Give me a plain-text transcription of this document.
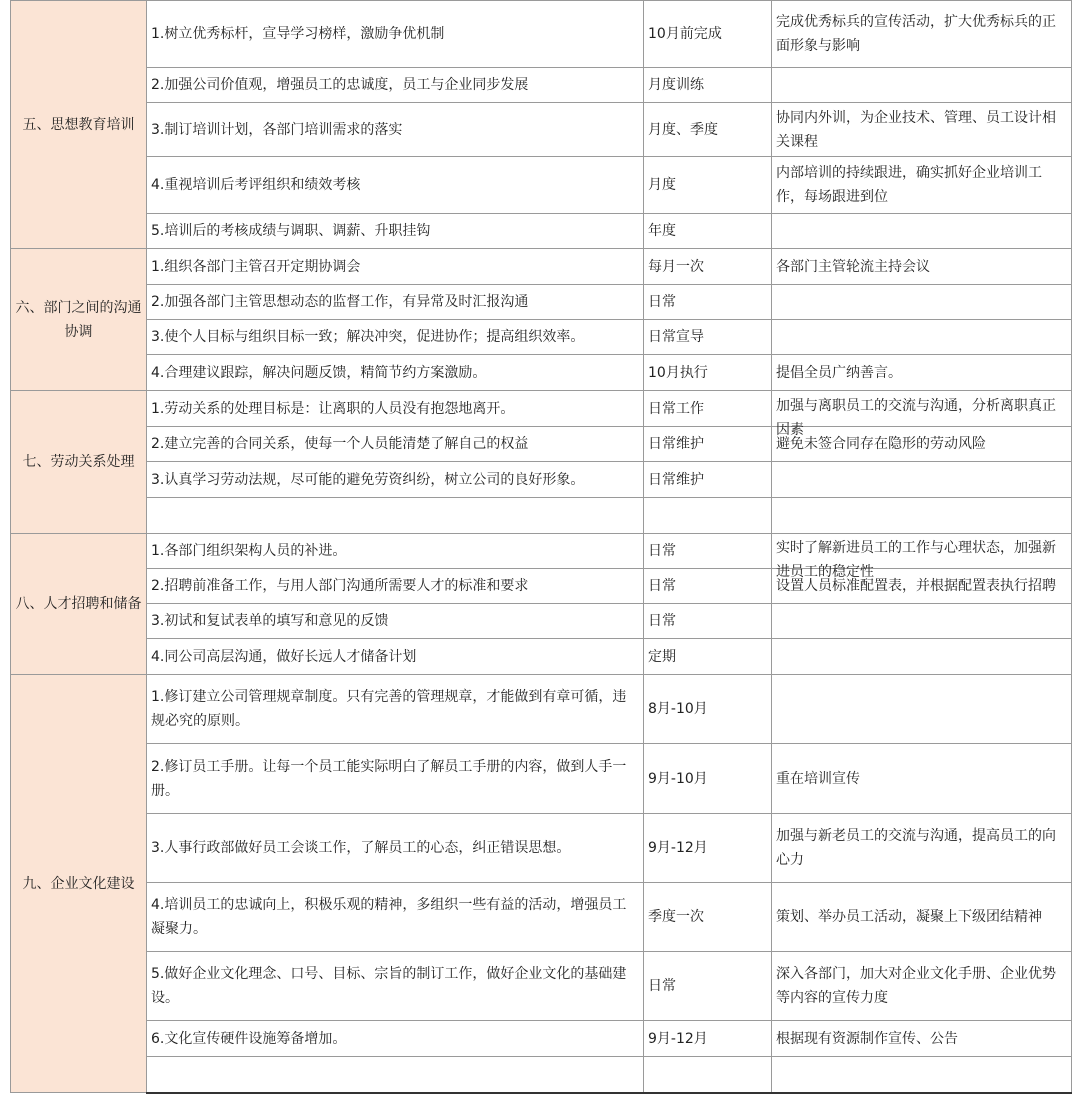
五、思想教育培训	1.树立优秀标杆，宣导学习榜样，激励争优机制	10月前完成	完成优秀标兵的宣传活动，扩大优秀标兵的正面形象与影响
	2.加强公司价值观，增强员工的忠诚度，员工与企业同步发展	月度训练	
	3.制订培训计划，各部门培训需求的落实	月度、季度	协同内外训，为企业技术、管理、员工设计相关课程
	4.重视培训后考评组织和绩效考核	月度	内部培训的持续跟进，确实抓好企业培训工作，每场跟进到位
	5.培训后的考核成绩与调职、调薪、升职挂钩	年度	
六、部门之间的沟通协调	1.组织各部门主管召开定期协调会	每月一次	各部门主管轮流主持会议
	2.加强各部门主管思想动态的监督工作，有异常及时汇报沟通	日常	
	3.使个人目标与组织目标一致；解决冲突，促进协作；提高组织效率。	日常宣导	
	4.合理建议跟踪，解决问题反馈，精简节约方案激励。	10月执行	提倡全员广纳善言。
七、劳动关系处理	1.劳动关系的处理目标是：让离职的人员没有抱怨地离开。	日常工作	加强与离职员工的交流与沟通，分析离职真正因素

	2.建立完善的合同关系，使每一个人员能清楚了解自己的权益	日常维护	避免未签合同存在隐形的劳动风险
	3.认真学习劳动法规，尽可能的避免劳资纠纷，树立公司的良好形象。	日常维护	

八、人才招聘和储备	1.各部门组织架构人员的补进。	日常	实时了解新进员工的工作与心理状态，加强新进员工的稳定性

	2.招聘前准备工作，与用人部门沟通所需要人才的标准和要求	日常	设置人员标准配置表，并根据配置表执行招聘
	3.初试和复试表单的填写和意见的反馈	日常	
	4.同公司高层沟通，做好长远人才储备计划	定期	
九、企业文化建设	1.修订建立公司管理规章制度。只有完善的管理规章，才能做到有章可循，违规必究的原则。	8月-10月	
	2.修订员工手册。让每一个员工能实际明白了解员工手册的内容，做到人手一册。	9月-10月	重在培训宣传
	3.人事行政部做好员工会谈工作，了解员工的心态，纠正错误思想。	9月-12月	加强与新老员工的交流与沟通，提高员工的向心力
	4.培训员工的忠诚向上，积极乐观的精神，多组织一些有益的活动，增强员工凝聚力。	季度一次	策划、举办员工活动，凝聚上下级团结精神
	5.做好企业文化理念、口号、目标、宗旨的制订工作，做好企业文化的基础建设。	日常	深入各部门，加大对企业文化手册、企业优势等内容的宣传力度
	6.文化宣传硬件设施筹备增加。	9月-12月	根据现有资源制作宣传、公告
